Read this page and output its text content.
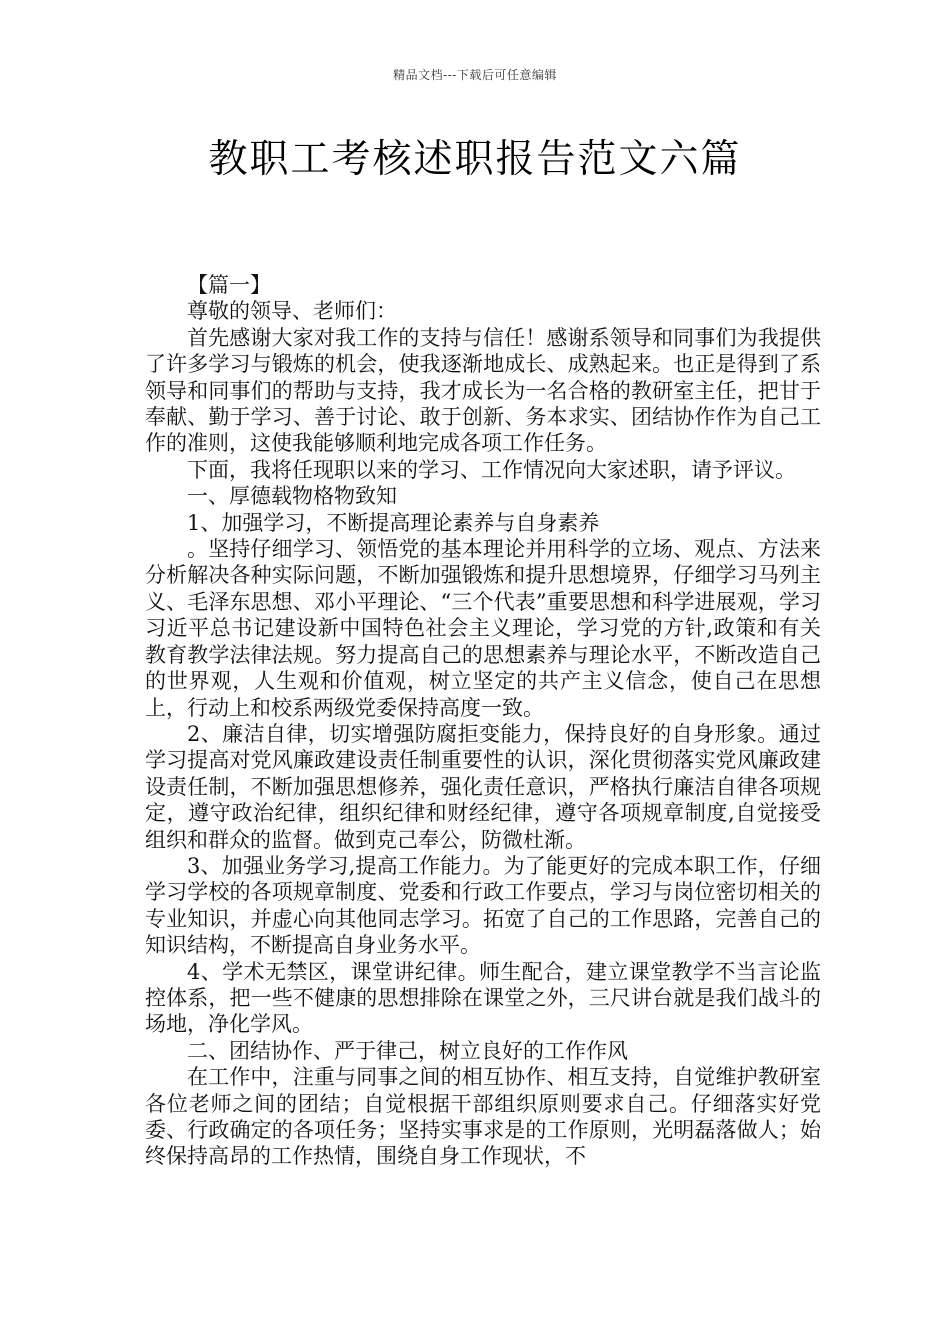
精品文档---下载后可任意编辑
教职工考核述职报告范文六篇

【篇一】

尊敬的领导、老师们：

首先感谢大家对我工作的支持与信任！感谢系领导和同事们为我提供了许多学习与锻炼的机会，使我逐渐地成长、成熟起来。也正是得到了系领导和同事们的帮助与支持，我才成长为一名合格的教研室主任，把甘于奉献、勤于学习、善于讨论、敢于创新、务本求实、团结协作作为自己工作的准则，这使我能够顺利地完成各项工作任务。

下面，我将任现职以来的学习、工作情况向大家述职，请予评议。

一、厚德载物格物致知

1、加强学习，不断提高理论素养与自身素养

。坚持仔细学习、领悟党的基本理论并用科学的立场、观点、方法来分析解决各种实际问题，不断加强锻炼和提升思想境界，仔细学习马列主义、毛泽东思想、邓小平理论、“三个代表”重要思想和科学进展观，学习习近平总书记建设新中国特色社会主义理论，学习党的方针,政策和有关教育教学法律法规。努力提高自己的思想素养与理论水平，不断改造自己的世界观，人生观和价值观，树立坚定的共产主义信念，使自己在思想上，行动上和校系两级党委保持高度一致。

2、廉洁自律，切实增强防腐拒变能力，保持良好的自身形象。通过学习提高对党风廉政建设责任制重要性的认识，深化贯彻落实党风廉政建设责任制，不断加强思想修养，强化责任意识，严格执行廉洁自律各项规定，遵守政治纪律，组织纪律和财经纪律，遵守各项规章制度,自觉接受组织和群众的监督。做到克己奉公，防微杜渐。

3、加强业务学习,提高工作能力。为了能更好的完成本职工作，仔细学习学校的各项规章制度、党委和行政工作要点，学习与岗位密切相关的专业知识，并虚心向其他同志学习。拓宽了自己的工作思路，完善自己的知识结构，不断提高自身业务水平。

4、学术无禁区，课堂讲纪律。师生配合，建立课堂教学不当言论监控体系，把一些不健康的思想排除在课堂之外，三尺讲台就是我们战斗的场地，净化学风。

二、团结协作、严于律己，树立良好的工作作风

在工作中，注重与同事之间的相互协作、相互支持，自觉维护教研室各位老师之间的团结；自觉根据干部组织原则要求自己。仔细落实好党委、行政确定的各项任务；坚持实事求是的工作原则，光明磊落做人；始终保持高昂的工作热情，围绕自身工作现状，不
